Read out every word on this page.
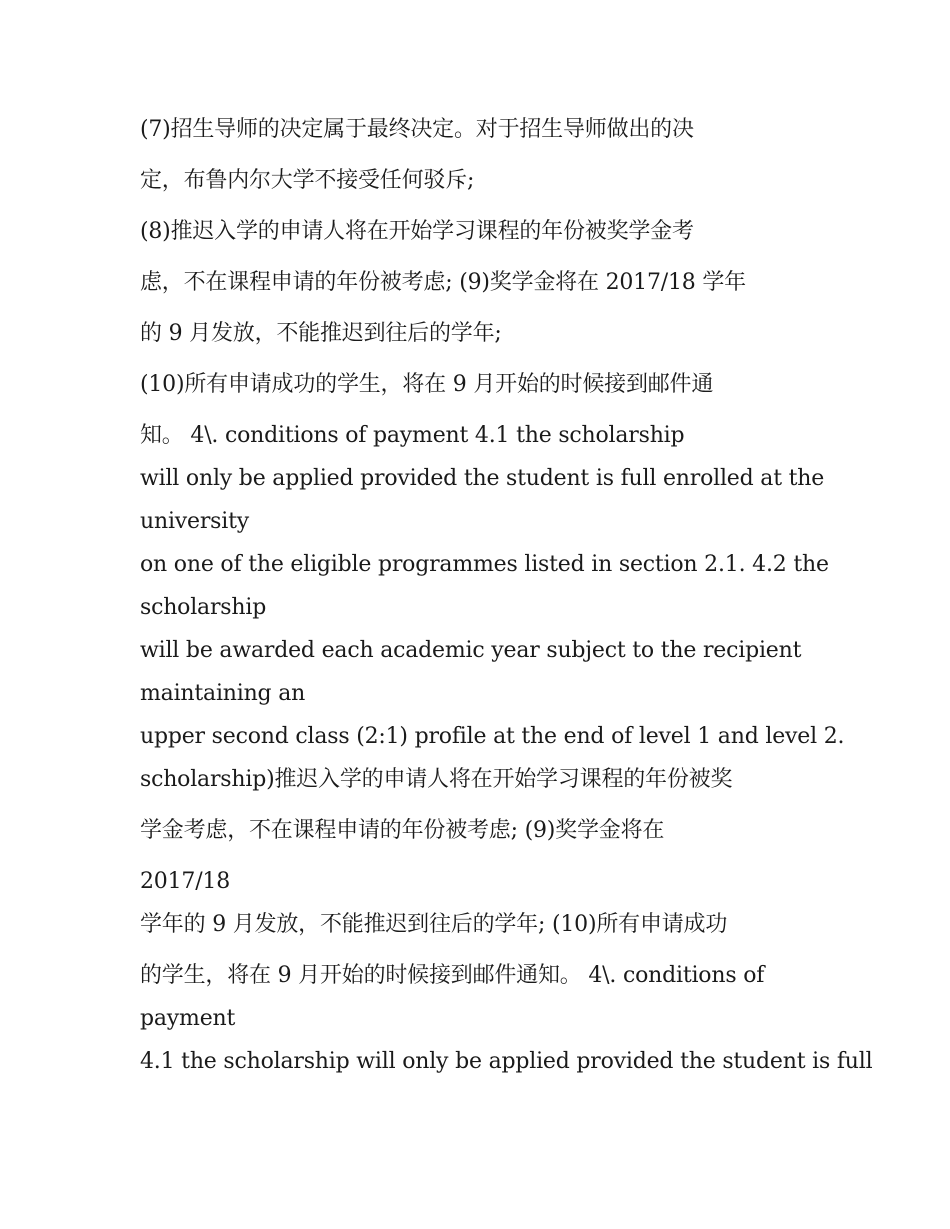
(7)招生导师的决定属于最终决定。对于招生导师做出的决
定，布鲁内尔大学不接受任何驳斥;
(8)推迟入学的申请人将在开始学习课程的年份被奖学金考
虑，不在课程申请的年份被考虑; (9)奖学金将在 2017/18 学年
的 9 月发放，不能推迟到往后的学年;
(10)所有申请成功的学生，将在 9 月开始的时候接到邮件通
知。 4\. conditions of payment 4.1 the scholarship
will only be applied provided the student is full enrolled at the
university
on one of the eligible programmes listed in section 2.1. 4.2 the
scholarship
will be awarded each academic year subject to the recipient
maintaining an
upper second class (2:1) profile at the end of level 1 and level 2.
scholarship)推迟入学的申请人将在开始学习课程的年份被奖
学金考虑，不在课程申请的年份被考虑; (9)奖学金将在
2017/18
学年的 9 月发放，不能推迟到往后的学年; (10)所有申请成功
的学生，将在 9 月开始的时候接到邮件通知。 4\. conditions of
payment
4.1 the scholarship will only be applied provided the student is full
